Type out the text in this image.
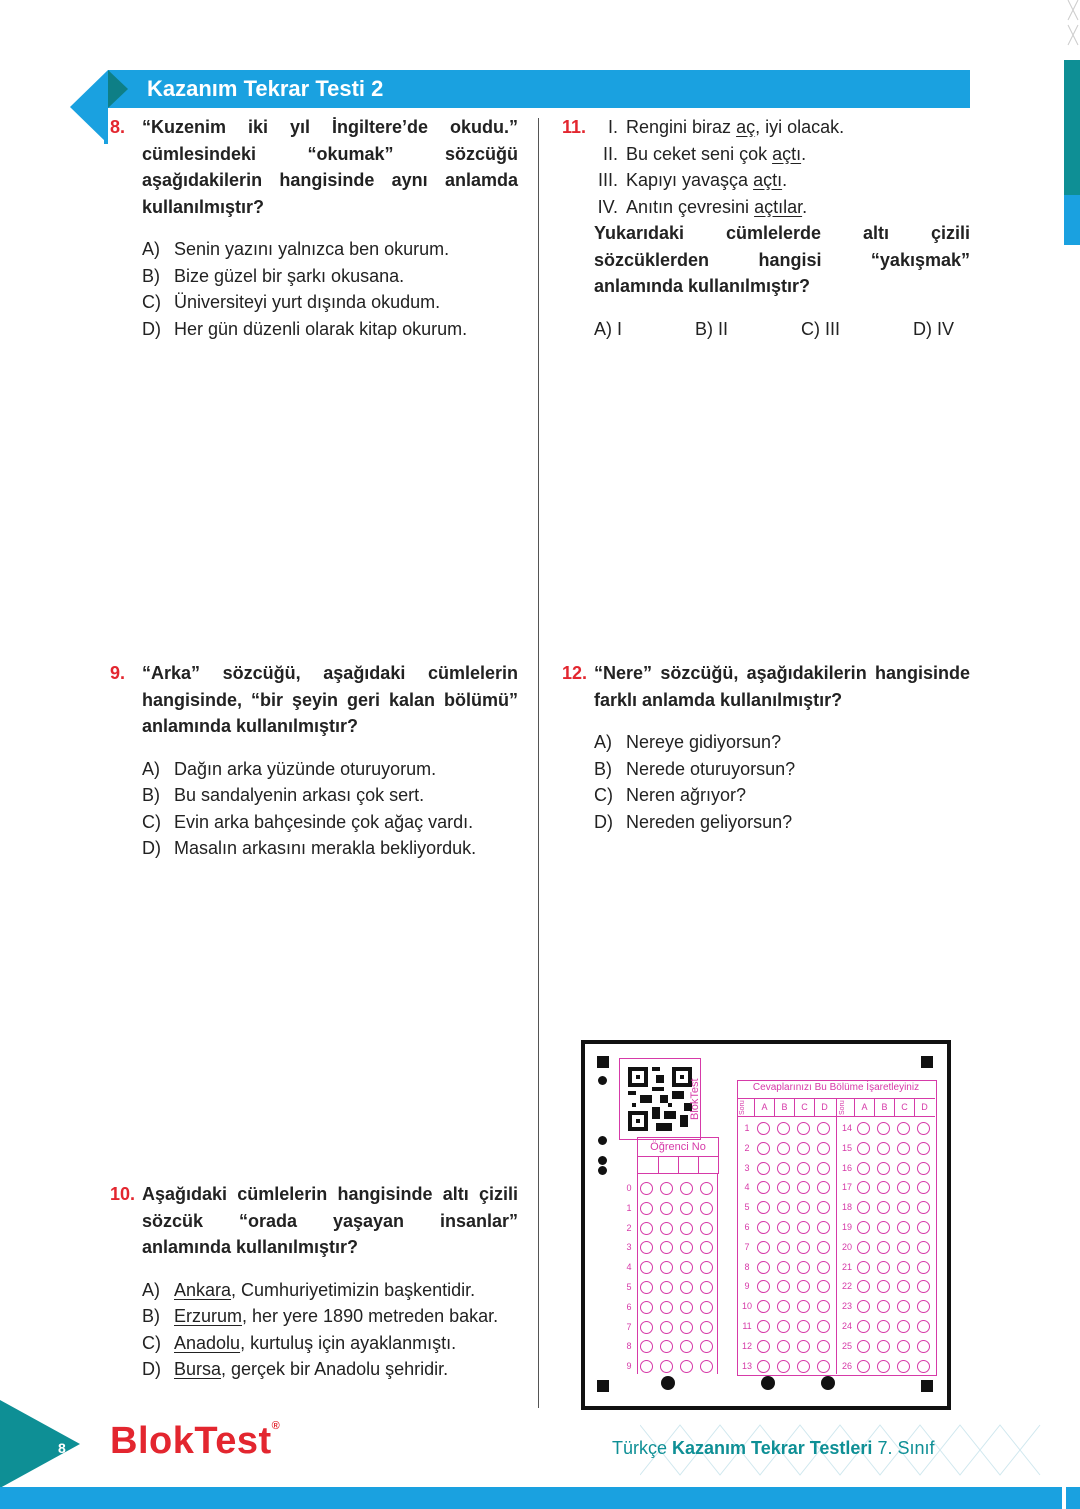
Kazanım Tekrar Testi 2
8. “Kuzenim iki yıl İngiltere’de okudu.” cümlesindeki “okumak” sözcüğü aşağıdakilerin hangisinde aynı anlamda kullanılmıştır?
A) Senin yazını yalnızca ben okurum.
B) Bize güzel bir şarkı okusana.
C) Üniversiteyi yurt dışında okudum.
D) Her gün düzenli olarak kitap okurum.
9. “Arka” sözcüğü, aşağıdaki cümlelerin hangisinde, “bir şeyin geri kalan bölümü” anlamında kullanılmıştır?
A) Dağın arka yüzünde oturuyorum.
B) Bu sandalyenin arkası çok sert.
C) Evin arka bahçesinde çok ağaç vardı.
D) Masalın arkasını merakla bekliyorduk.
10. Aşağıdaki cümlelerin hangisinde altı çizili sözcük “orada yaşayan insanlar” anlamında kullanılmıştır?
A) Ankara, Cumhuriyetimizin başkentidir.
B) Erzurum, her yere 1890 metreden bakar.
C) Anadolu, kurtuluş için ayaklanmıştı.
D) Bursa, gerçek bir Anadolu şehridir.
11.	I. Rengini biraz aç, iyi olacak.
II. Bu ceket seni çok açtı.
III. Kapıyı yavaşça açtı.
IV. Anıtın çevresini açtılar.
Yukarıdaki cümlelerde altı çizili sözcüklerden hangisi “yakışmak” anlamında kullanılmıştır?
A) I	B) II	C) III	D) IV
12. “Nere” sözcüğü, aşağıdakilerin hangisinde farklı anlamda kullanılmıştır?
A) Nereye gidiyorsun?
B) Nerede oturuyorsun?
C) Neren ağrıyor?
D) Nereden geliyorsun?
BlokTest
Öğrenci No
0
1
2
3
4
5
6
7
8
9
Cevaplarınızı Bu Bölüme İşaretleyiniz
Soru	A	B	C	D
1
2
3
4
5
6
7
8
9
10
11
12
13
Soru	A	B	C	D
14
15
16
17
18
19
20
21
22
23
24
25
26
8 BlokTest®
Türkçe Kazanım Tekrar Testleri 7. Sınıf
